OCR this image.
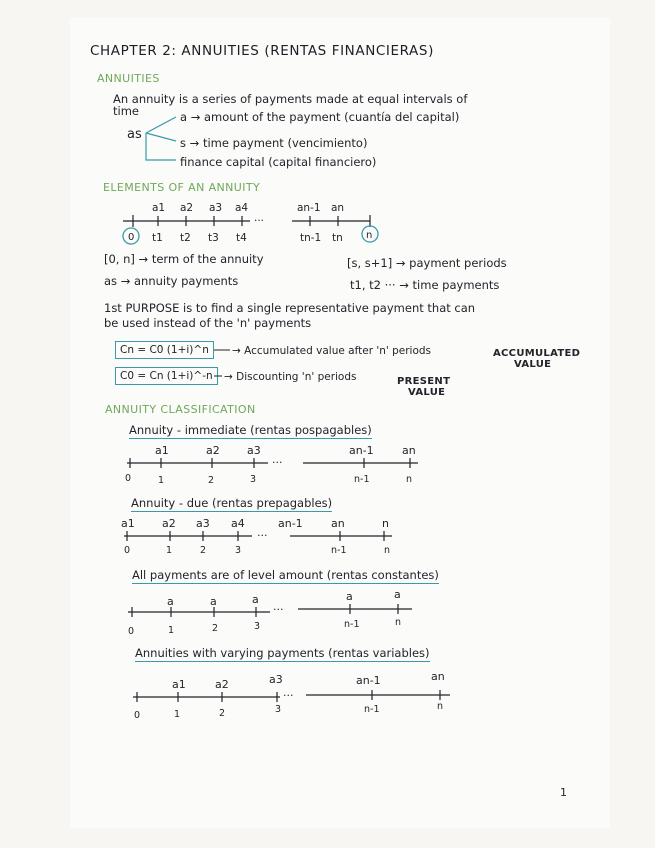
CHAPTER 2: ANNUITIES (RENTAS FINANCIERAS)
ANNUITIES
An annuity is a series of payments made at equal intervals of
time
as
a → amount of the payment (cuantía del capital)
s → time payment (vencimiento)
finance capital (capital financiero)
ELEMENTS OF AN ANNUITY
[0, n] → term of the annuity	[s, s+1] → payment periods
as → annuity payments	t1, t2 ··· → time payments
1st PURPOSE is to find a single representative payment that can
be used instead of the 'n' payments
Cn = C0 (1+i)^n	→ Accumulated value after 'n' periods	ACCUMULATED
VALUE
C0 = Cn (1+i)^-n	→ Discounting 'n' periods	PRESENT
VALUE
ANNUITY CLASSIFICATION
Annuity - immediate (rentas pospagables)
Annuity - due (rentas prepagables)
All payments are of level amount (rentas constantes)
Annuities with varying payments (rentas variables)
1
a1 a2 a3 a4	an-1 an
···
0 t1 t2 t3 t4	tn-1 tn n
a1	a2 a3	an-1	an
···
0	1	2	3	n-1	n
a1 a2 a3 a4	an-1	an	n
···
0	1	2	3	n-1	n
a	a	a	a	a
···
0	1	2	3	n-1	n
a1	a2	a3	an-1	an
···
0	1	2	3	n-1	n
